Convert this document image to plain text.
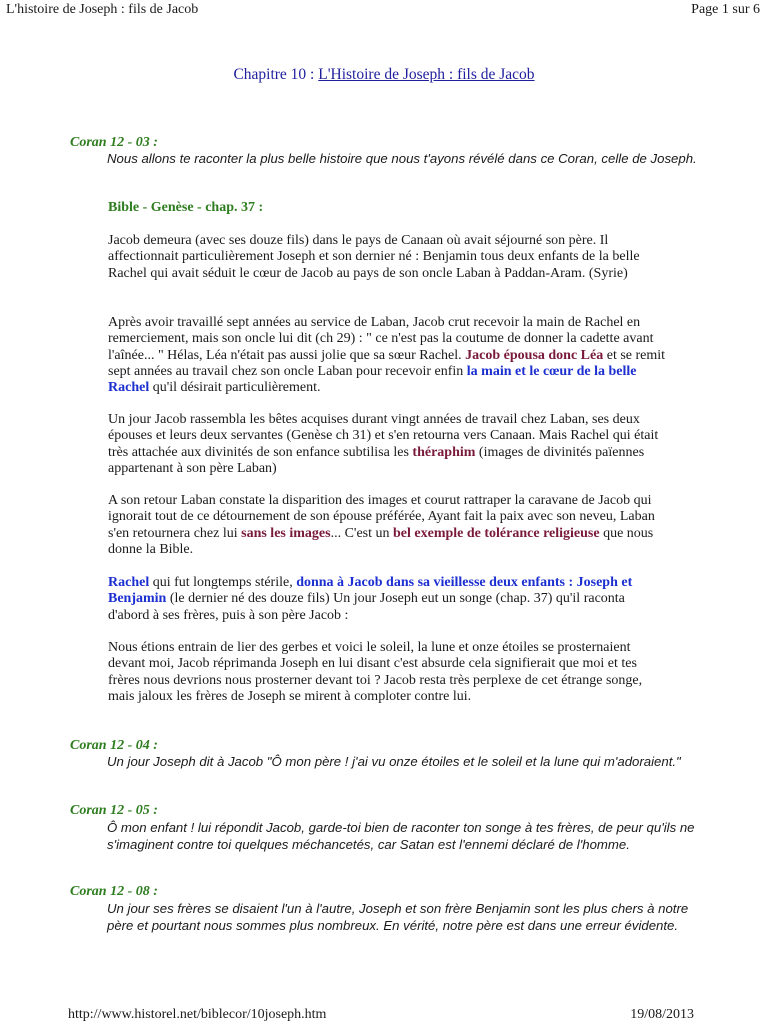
L'histoire de Joseph : fils de Jacob	Page 1 sur 6
Chapitre 10 : L'Histoire de Joseph : fils de Jacob
Coran 12 - 03 :
Nous allons te raconter la plus belle histoire que nous t'ayons révélé dans ce Coran, celle de Joseph.
Bible - Genèse - chap. 37 :
Jacob demeura (avec ses douze fils) dans le pays de Canaan où avait séjourné son père. Il affectionnait particulièrement Joseph et son dernier né : Benjamin tous deux enfants de la belle Rachel qui avait séduit le cœur de Jacob au pays de son oncle Laban à Paddan-Aram. (Syrie)
Après avoir travaillé sept années au service de Laban, Jacob crut recevoir la main de Rachel en remerciement, mais son oncle lui dit (ch 29) : " ce n'est pas la coutume de donner la cadette avant l'aînée... " Hélas, Léa n'était pas aussi jolie que sa sœur Rachel. Jacob épousa donc Léa et se remit sept années au travail chez son oncle Laban pour recevoir enfin la main et le cœur de la belle Rachel qu'il désirait particulièrement.
Un jour Jacob rassembla les bêtes acquises durant vingt années de travail chez Laban, ses deux épouses et leurs deux servantes (Genèse ch 31) et s'en retourna vers Canaan. Mais Rachel qui était très attachée aux divinités de son enfance subtilisa les théraphim (images de divinités païennes appartenant à son père Laban)
A son retour Laban constate la disparition des images et courut rattraper la caravane de Jacob qui ignorait tout de ce détournement de son épouse préférée, Ayant fait la paix avec son neveu, Laban s'en retournera chez lui sans les images... C'est un bel exemple de tolérance religieuse que nous donne la Bible.
Rachel qui fut longtemps stérile, donna à Jacob dans sa vieillesse deux enfants : Joseph et Benjamin (le dernier né des douze fils) Un jour Joseph eut un songe (chap. 37) qu'il raconta d'abord à ses frères, puis à son père Jacob :
Nous étions entrain de lier des gerbes et voici le soleil, la lune et onze étoiles se prosternaient devant moi, Jacob réprimanda Joseph en lui disant c'est absurde cela signifierait que moi et tes frères nous devrions nous prosterner devant toi ? Jacob resta très perplexe de cet étrange songe, mais jaloux les frères de Joseph se mirent à comploter contre lui.
Coran 12 - 04 :
Un jour Joseph dit à Jacob "Ô mon père ! j'ai vu onze étoiles et le soleil et la lune qui m'adoraient."
Coran 12 - 05 :
Ô mon enfant ! lui répondit Jacob, garde-toi bien de raconter ton songe à tes frères, de peur qu'ils ne s'imaginent contre toi quelques méchancetés, car Satan est l'ennemi déclaré de l'homme.
Coran 12 - 08 :
Un jour ses frères se disaient l'un à l'autre, Joseph et son frère Benjamin sont les plus chers à notre père et pourtant nous sommes plus nombreux. En vérité, notre père est dans une erreur évidente.
http://www.historel.net/biblecor/10joseph.htm	19/08/2013
